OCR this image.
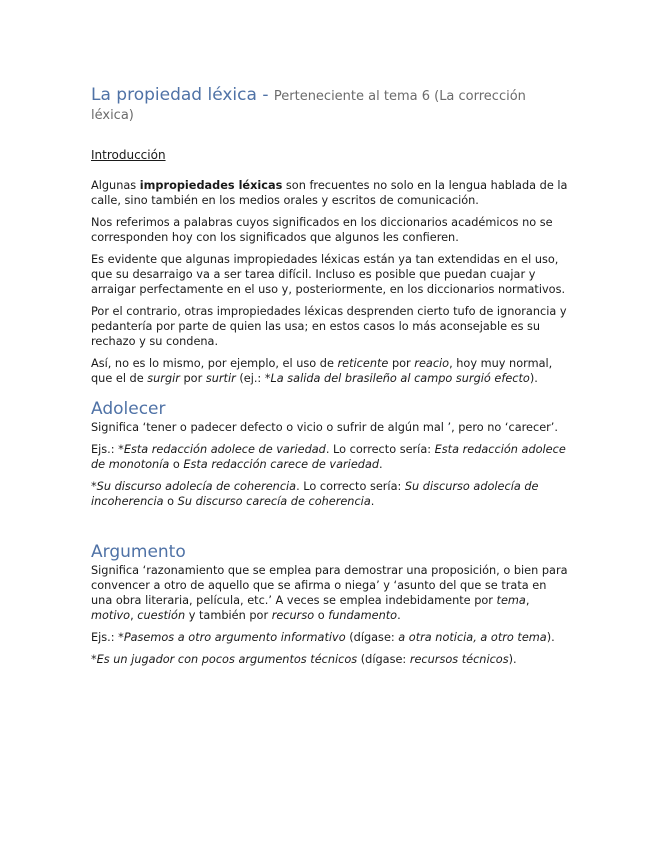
La propiedad léxica - Perteneciente al tema 6 (La corrección léxica)
Introducción

Algunas impropiedades léxicas son frecuentes no solo en la lengua hablada de la calle, sino también en los medios orales y escritos de comunicación.

Nos referimos a palabras cuyos significados en los diccionarios académicos no se corresponden hoy con los significados que algunos les confieren.

Es evidente que algunas impropiedades léxicas están ya tan extendidas en el uso, que su desarraigo va a ser tarea difícil. Incluso es posible que puedan cuajar y arraigar perfectamente en el uso y, posteriormente, en los diccionarios normativos.

Por el contrario, otras impropiedades léxicas desprenden cierto tufo de ignorancia y pedantería por parte de quien las usa; en estos casos lo más aconsejable es su rechazo y su condena.

Así, no es lo mismo, por ejemplo, el uso de reticente por reacio, hoy muy normal, que el de surgir por surtir (ej.: *La salida del brasileño al campo surgió efecto).

Adolecer

Significa ‘tener o padecer defecto o vicio o sufrir de algún mal ’, pero no ‘carecer’.

Ejs.: *Esta redacción adolece de variedad. Lo correcto sería: Esta redacción adolece de monotonía o Esta redacción carece de variedad.

*Su discurso adolecía de coherencia. Lo correcto sería: Su discurso adolecía de incoherencia o Su discurso carecía de coherencia.

Argumento

Significa ‘razonamiento que se emplea para demostrar una proposición, o bien para convencer a otro de aquello que se afirma o niega’ y ‘asunto del que se trata en una obra literaria, película, etc.’ A veces se emplea indebidamente por tema, motivo, cuestión y también por recurso o fundamento.

Ejs.: *Pasemos a otro argumento informativo (dígase: a otra noticia, a otro tema).

*Es un jugador con pocos argumentos técnicos (dígase: recursos técnicos).
